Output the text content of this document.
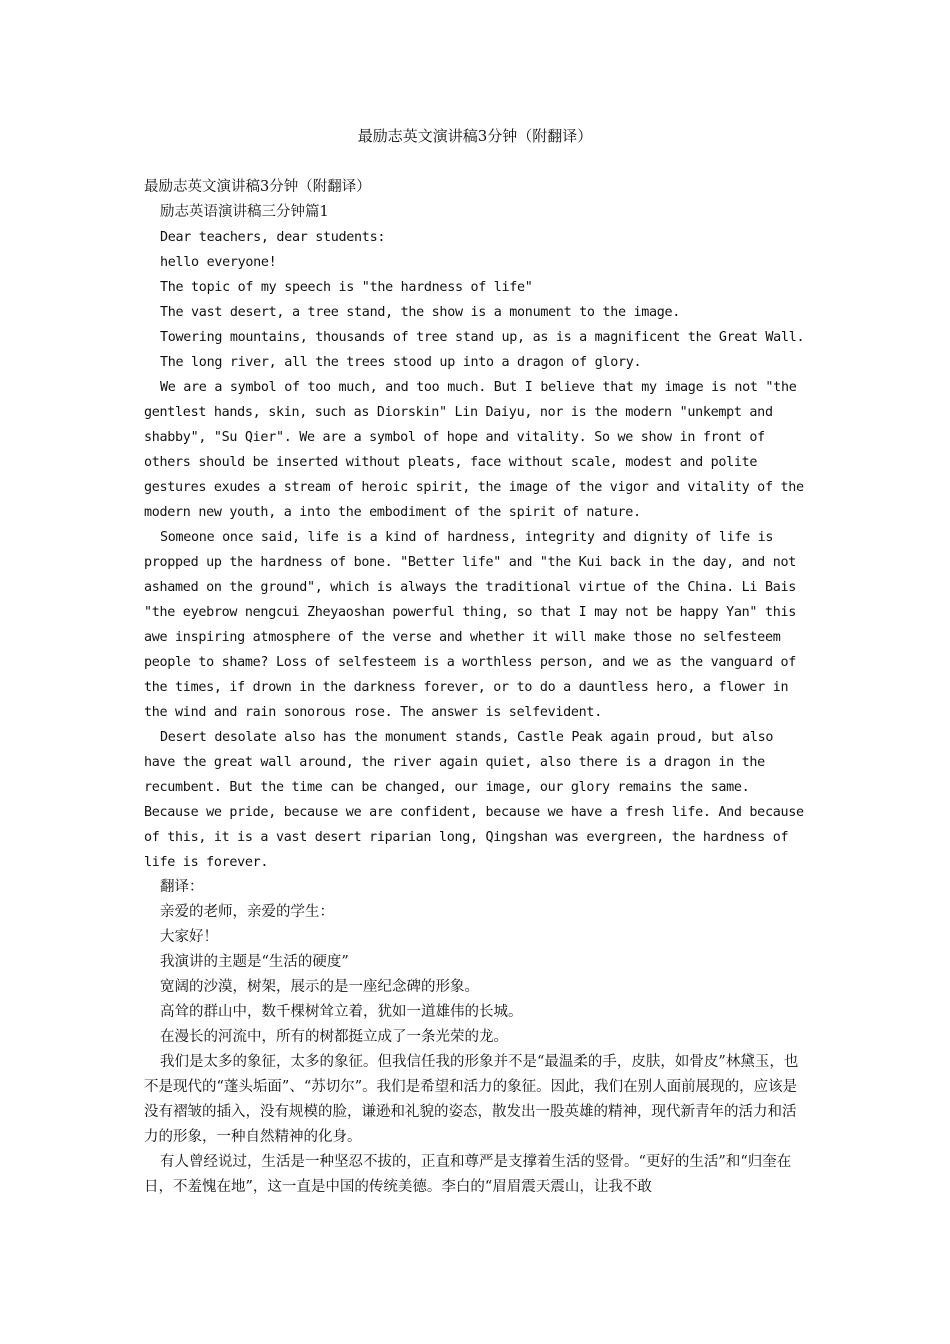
最励志英文演讲稿3分钟（附翻译）

最励志英文演讲稿3分钟（附翻译）

励志英语演讲稿三分钟篇1

Dear teachers, dear students:

hello everyone!

The topic of my speech is "the hardness of life"

The vast desert, a tree stand, the show is a monument to the image.

Towering mountains, thousands of tree stand up, as is a magnificent the Great Wall.

The long river, all the trees stood up into a dragon of glory.

We are a symbol of too much, and too much. But I believe that my image is not "the gentlest hands, skin, such as Diorskin" Lin Daiyu, nor is the modern "unkempt and shabby", "Su Qier". We are a symbol of hope and vitality. So we show in front of others should be inserted without pleats, face without scale, modest and polite gestures exudes a stream of heroic spirit, the image of the vigor and vitality of the modern new youth, a into the embodiment of the spirit of nature.

Someone once said, life is a kind of hardness, integrity and dignity of life is propped up the hardness of bone. "Better life" and "the Kui back in the day, and not ashamed on the ground", which is always the traditional virtue of the China. Li Bais "the eyebrow nengcui Zheyaoshan powerful thing, so that I may not be happy Yan" this awe inspiring atmosphere of the verse and whether it will make those no selfesteem people to shame? Loss of selfesteem is a worthless person, and we as the vanguard of the times, if drown in the darkness forever, or to do a dauntless hero, a flower in the wind and rain sonorous rose. The answer is selfevident.

Desert desolate also has the monument stands, Castle Peak again proud, but also have the great wall around, the river again quiet, also there is a dragon in the recumbent. But the time can be changed, our image, our glory remains the same. Because we pride, because we are confident, because we have a fresh life. And because of this, it is a vast desert riparian long, Qingshan was evergreen, the hardness of life is forever.

翻译：

亲爱的老师，亲爱的学生：

大家好！

我演讲的主题是“生活的硬度”

宽阔的沙漠，树架，展示的是一座纪念碑的形象。

高耸的群山中，数千棵树耸立着，犹如一道雄伟的长城。

在漫长的河流中，所有的树都挺立成了一条光荣的龙。

我们是太多的象征，太多的象征。但我信任我的形象并不是“最温柔的手，皮肤，如骨皮”林黛玉，也不是现代的“蓬头垢面”、“苏切尔”。我们是希望和活力的象征。因此，我们在别人面前展现的，应该是没有褶皱的插入，没有规模的脸，谦逊和礼貌的姿态，散发出一股英雄的精神，现代新青年的活力和活力的形象，一种自然精神的化身。

有人曾经说过，生活是一种坚忍不拔的，正直和尊严是支撑着生活的竖骨。“更好的生活”和“归奎在日，不羞愧在地”，这一直是中国的传统美德。李白的“眉眉震天震山，让我不敢
